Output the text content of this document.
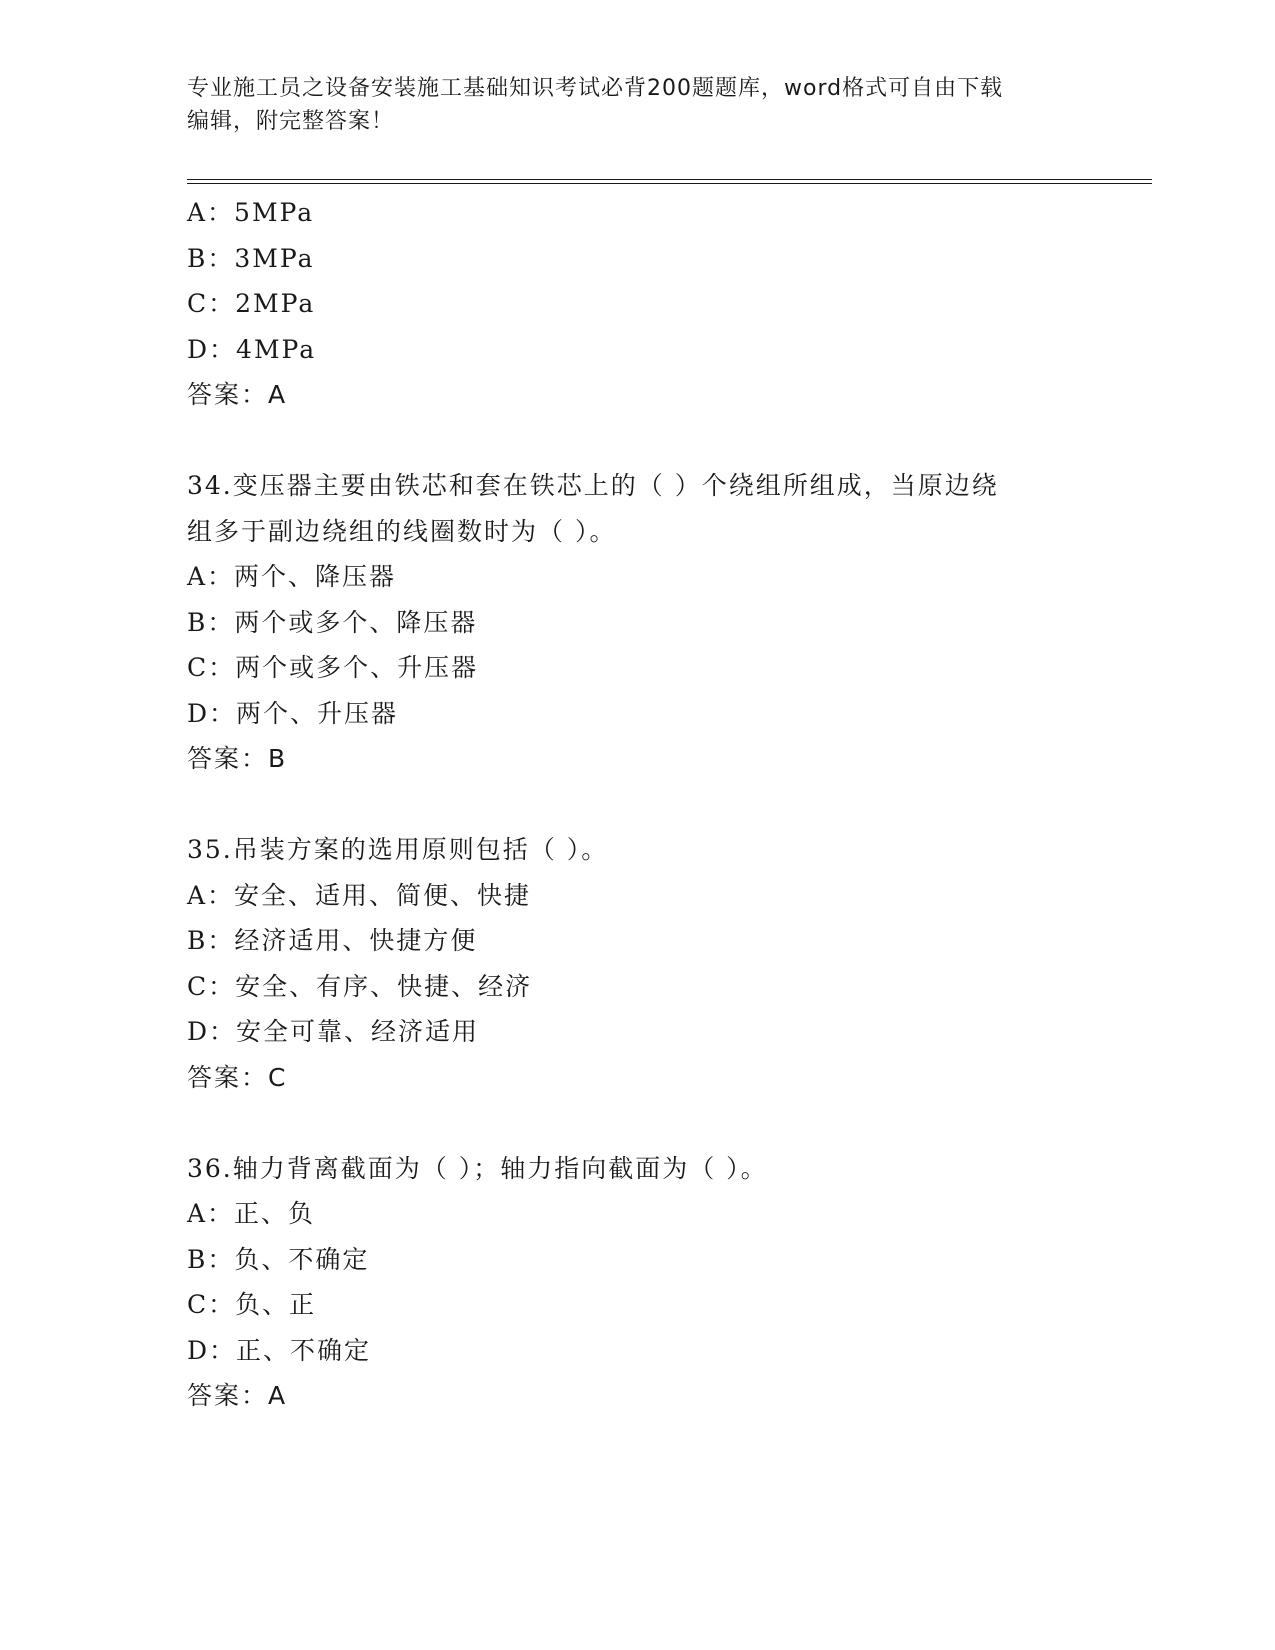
专业施工员之设备安装施工基础知识考试必背200题题库，word格式可自由下载
编辑，附完整答案！
A：5MPa
B：3MPa
C：2MPa
D：4MPa
答案：A
34.变压器主要由铁芯和套在铁芯上的（ ）个绕组所组成，当原边绕
组多于副边绕组的线圈数时为（ ）。
A：两个、降压器
B：两个或多个、降压器
C：两个或多个、升压器
D：两个、升压器
答案：B
35.吊装方案的选用原则包括（ ）。
A：安全、适用、简便、快捷
B：经济适用、快捷方便
C：安全、有序、快捷、经济
D：安全可靠、经济适用
答案：C
36.轴力背离截面为（ ）；轴力指向截面为（ ）。
A：正、负
B：负、不确定
C：负、正
D：正、不确定
答案：A
